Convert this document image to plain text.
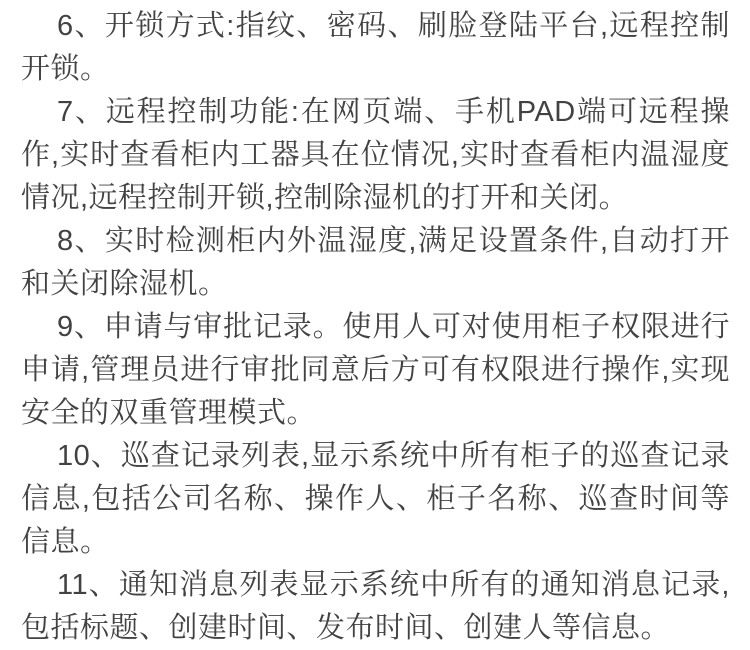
6、开锁方式:指纹、密码、刷脸登陆平台,远程控制开锁。

7、远程控制功能:在网页端、手机PAD端可远程操作,实时查看柜内工器具在位情况,实时查看柜内温湿度情况,远程控制开锁,控制除湿机的打开和关闭。

8、实时检测柜内外温湿度,满足设置条件,自动打开和关闭除湿机。

9、申请与审批记录。使用人可对使用柜子权限进行申请,管理员进行审批同意后方可有权限进行操作,实现安全的双重管理模式。

10、巡查记录列表,显示系统中所有柜子的巡查记录信息,包括公司名称、操作人、柜子名称、巡查时间等信息。

11、通知消息列表显示系统中所有的通知消息记录,包括标题、创建时间、发布时间、创建人等信息。
